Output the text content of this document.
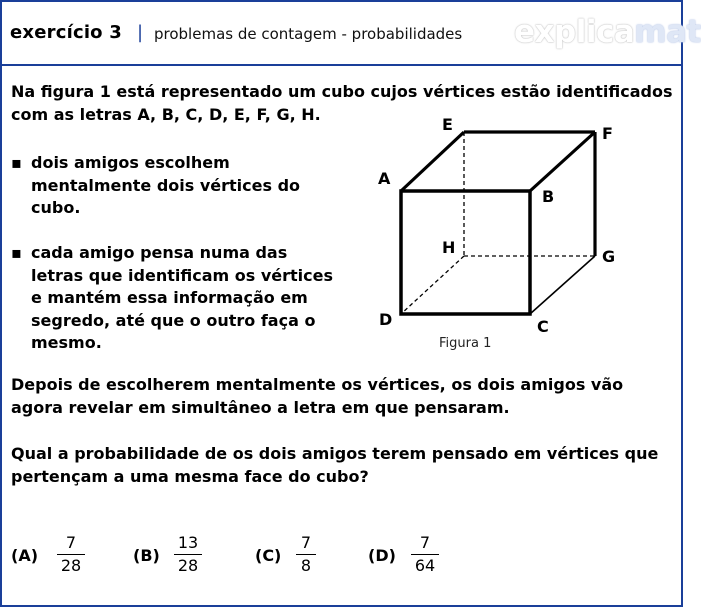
exercício 3 | problemas de contagem - probabilidades explicamat
Na figura 1 está representado um cubo cujos vértices estão identificados
com as letras A, B, C, D, E, F, G, H.
▪ dois amigos escolhem
mentalmente dois vértices do
cubo.
▪ cada amigo pensa numa das
letras que identificam os vértices
e mantém essa informação em
segredo, até que o outro faça o
mesmo.
E	F
A
B
H	G
D	C
Figura 1
Depois de escolherem mentalmente os vértices, os dois amigos vão
agora revelar em simultâneo a letra em que pensaram.
Qual a probabilidade de os dois amigos terem pensado em vértices que
pertençam a uma mesma face do cubo?
(A)
7
28
(B)
13
28
(C)
7
8
(D)
7
64
